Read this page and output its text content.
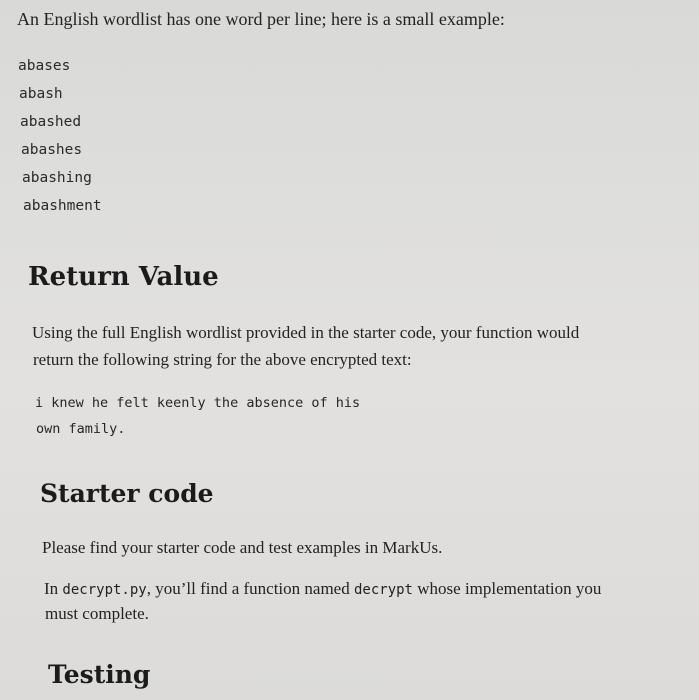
An English wordlist has one word per line; here is a small example:

abases
abash
abashed
abashes
abashing
abashment
Return Value

Using the full English wordlist provided in the starter code, your function would

return the following string for the above encrypted text:

i knew he felt keenly the absence of his
own family.
Starter code

Please find your starter code and test examples in MarkUs.

In decrypt.py, you’ll find a function named decrypt whose implementation you

must complete.

Testing
